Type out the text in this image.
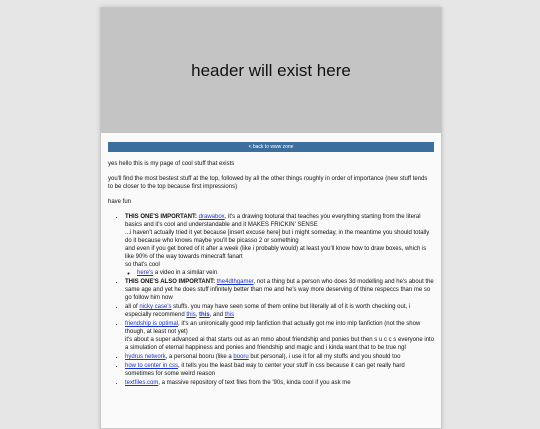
header will exist here
< back to www zone

yes hello this is my page of cool stuff that exists

you'll find the most bestest stuff at the top, followed by all the other things roughly in order of importance (new stuff tends to be closer to the top because first impressions)

have fun

• THIS ONE'S IMPORTANT: drawabox, it's a drawing tootural that teaches you everything starting from the literal basics and it's cool and understandable and it MAKES FRICKIN' SENSE
...i haven't actually tried it yet because [insert excuse here] but i might someday, in the meantime you should totally do it because who knows maybe you'll be picasso 2 or something
and even if you get bored of it after a week (like i probably would) at least you'll know how to draw boxes, which is like 90% of the way towards minecraft fanart
so that's cool
◦ here's a video in a similar vein
• THIS ONE'S ALSO IMPORTANT: the4dthgamer, not a thing but a person who does 3d modelling and he's about the same age and yet he does stuff infinitely better than me and he's way more deserving of thine respeccs than me so go follow him now
• all of nicky case's stuffs. you may have seen some of them online but literally all of it is worth checking out, i especially recommend this, this, and this
• friendship is optimal, it's an unironically good mlp fanfiction that actually got me into mlp fanfiction (not the show though, at least not yet)
it's about a super advanced ai that starts out as an mmo about friendship and ponies but then s u c c s everyone into a simulation of eternal happiness and ponies and friendship and magic and i kinda want that to be true ngl
• hydrus network, a personal booru (like a booru but personal), i use it for all my stuffs and you should too
• how to center in css, it tells you the least bad way to center your stuff in css because it can get really hard sometimes for some weird reason
• textfiles.com, a massive repository of text files from the '90s, kinda cool if you ask me
